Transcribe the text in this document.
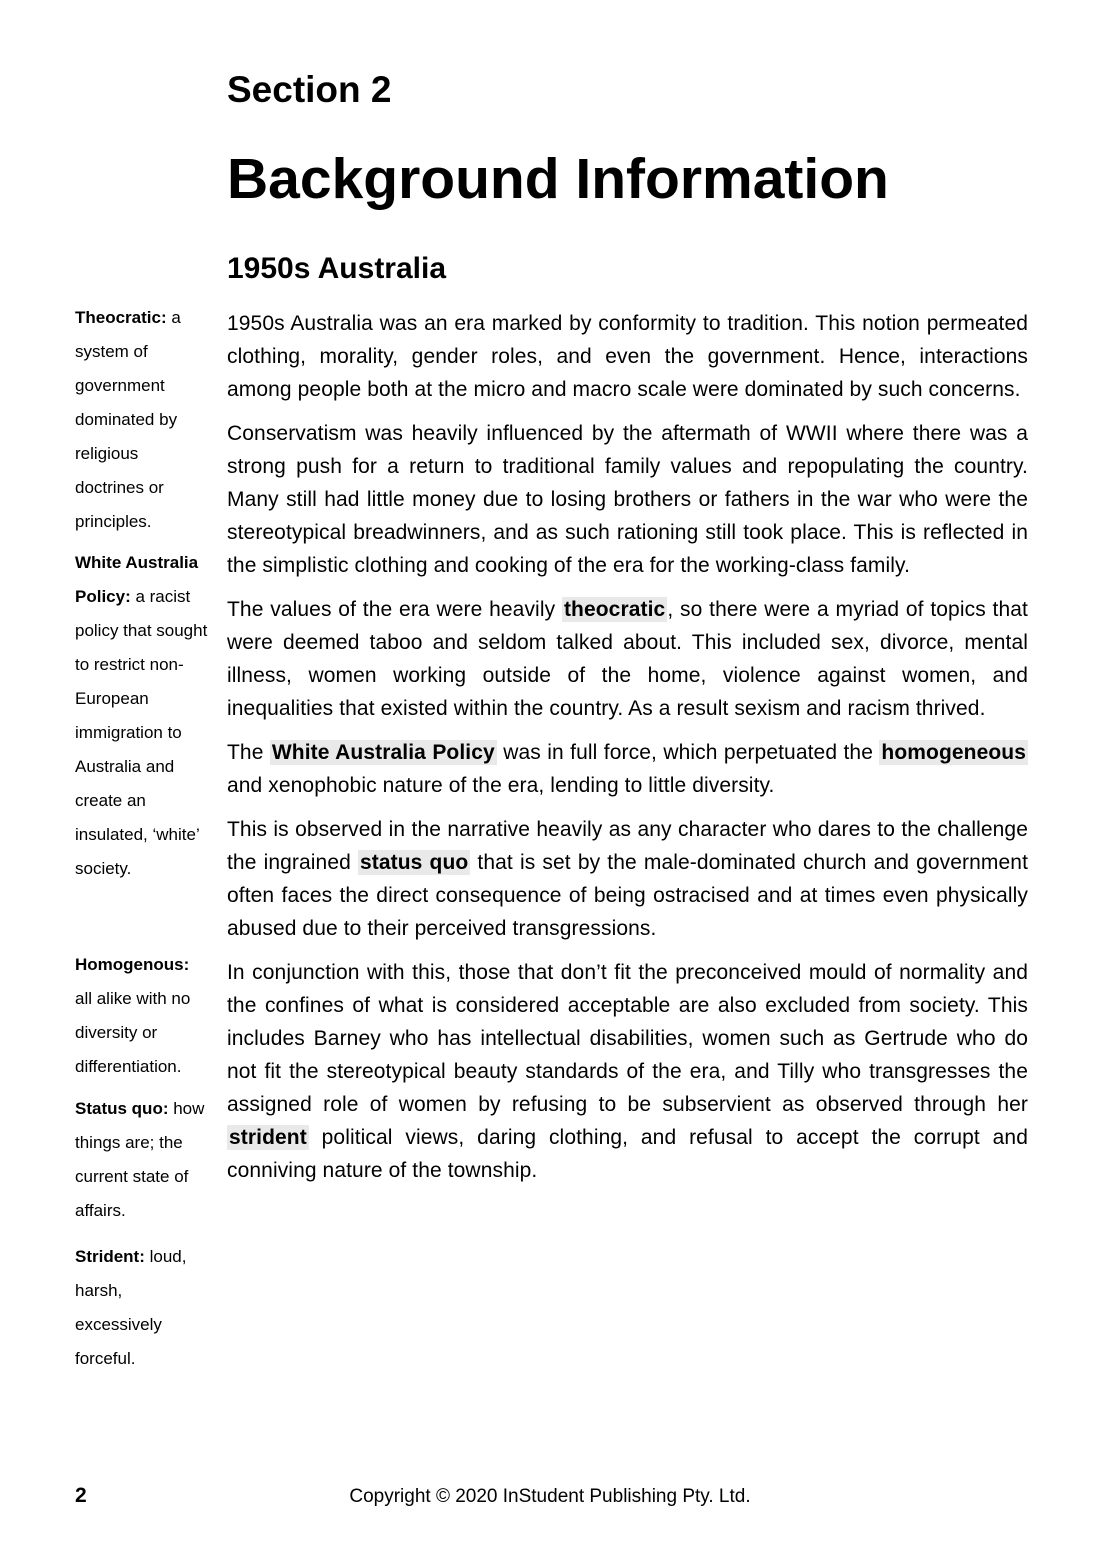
Theocratic: a system of government dominated by religious doctrines or principles.
White Australia Policy: a racist policy that sought to restrict non-European immigration to Australia and create an insulated, ‘white’ society.
Homogenous: all alike with no diversity or differentiation.
Status quo: how things are; the current state of affairs.
Strident: loud, harsh, excessively forceful.
Section 2
Background Information
1950s Australia

1950s Australia was an era marked by conformity to tradition. This notion permeated clothing, morality, gender roles, and even the government. Hence, interactions among people both at the micro and macro scale were dominated by such concerns.

Conservatism was heavily influenced by the aftermath of WWII where there was a strong push for a return to traditional family values and repopulating the country. Many still had little money due to losing brothers or fathers in the war who were the stereotypical breadwinners, and as such rationing still took place. This is reflected in the simplistic clothing and cooking of the era for the working-class family.

The values of the era were heavily theocratic, so there were a myriad of topics that were deemed taboo and seldom talked about. This included sex, divorce, mental illness, women working outside of the home, violence against women, and inequalities that existed within the country. As a result sexism and racism thrived.

The White Australia Policy was in full force, which perpetuated the homogeneous and xenophobic nature of the era, lending to little diversity.

This is observed in the narrative heavily as any character who dares to the challenge the ingrained status quo that is set by the male-dominated church and government often faces the direct consequence of being ostracised and at times even physically abused due to their perceived transgressions.

In conjunction with this, those that don’t fit the preconceived mould of normality and the confines of what is considered acceptable are also excluded from society. This includes Barney who has intellectual disabilities, women such as Gertrude who do not fit the stereotypical beauty standards of the era, and Tilly who transgresses the assigned role of women by refusing to be subservient as observed through her strident political views, daring clothing, and refusal to accept the corrupt and conniving nature of the township.

2	Copyright © 2020 InStudent Publishing Pty. Ltd.
